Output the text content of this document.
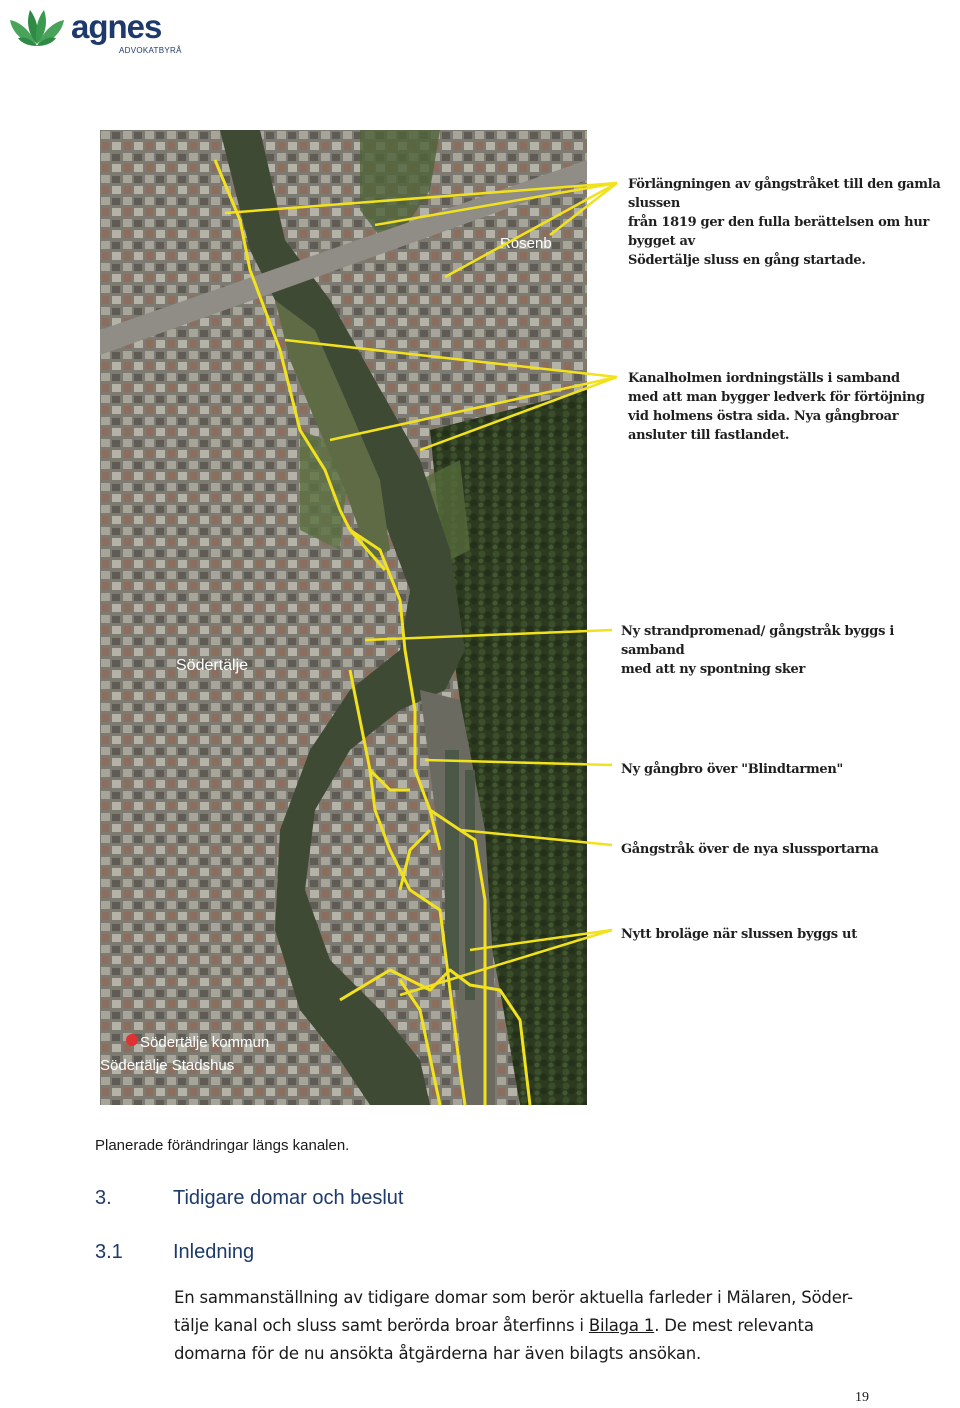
agnes
ADVOKATBYRÅ
Rosenb
Södertälje
Södertälje kommun
Södertälje Stadshus
Förlängningen av gångstråket till den gamla slussen
från 1819 ger den fulla berättelsen om hur bygget av
Södertälje sluss en gång startade.
Kanalholmen iordningställs i samband
med att man bygger ledverk för förtöjning
vid holmens östra sida. Nya gångbroar
ansluter till fastlandet.
Ny strandpromenad/ gångstråk byggs i samband
med att ny spontning sker
Ny gångbro över "Blindtarmen"
Gångstråk över de nya slussportarna
Nytt broläge när slussen byggs ut
Planerade förändringar längs kanalen.
3.	Tidigare domar och beslut
3.1	Inledning
En sammanställning av tidigare domar som berör aktuella farleder i Mälaren, Söder-
tälje kanal och sluss samt berörda broar återfinns i Bilaga 1. De mest relevanta
domarna för de nu ansökta åtgärderna har även bilagts ansökan.
19
